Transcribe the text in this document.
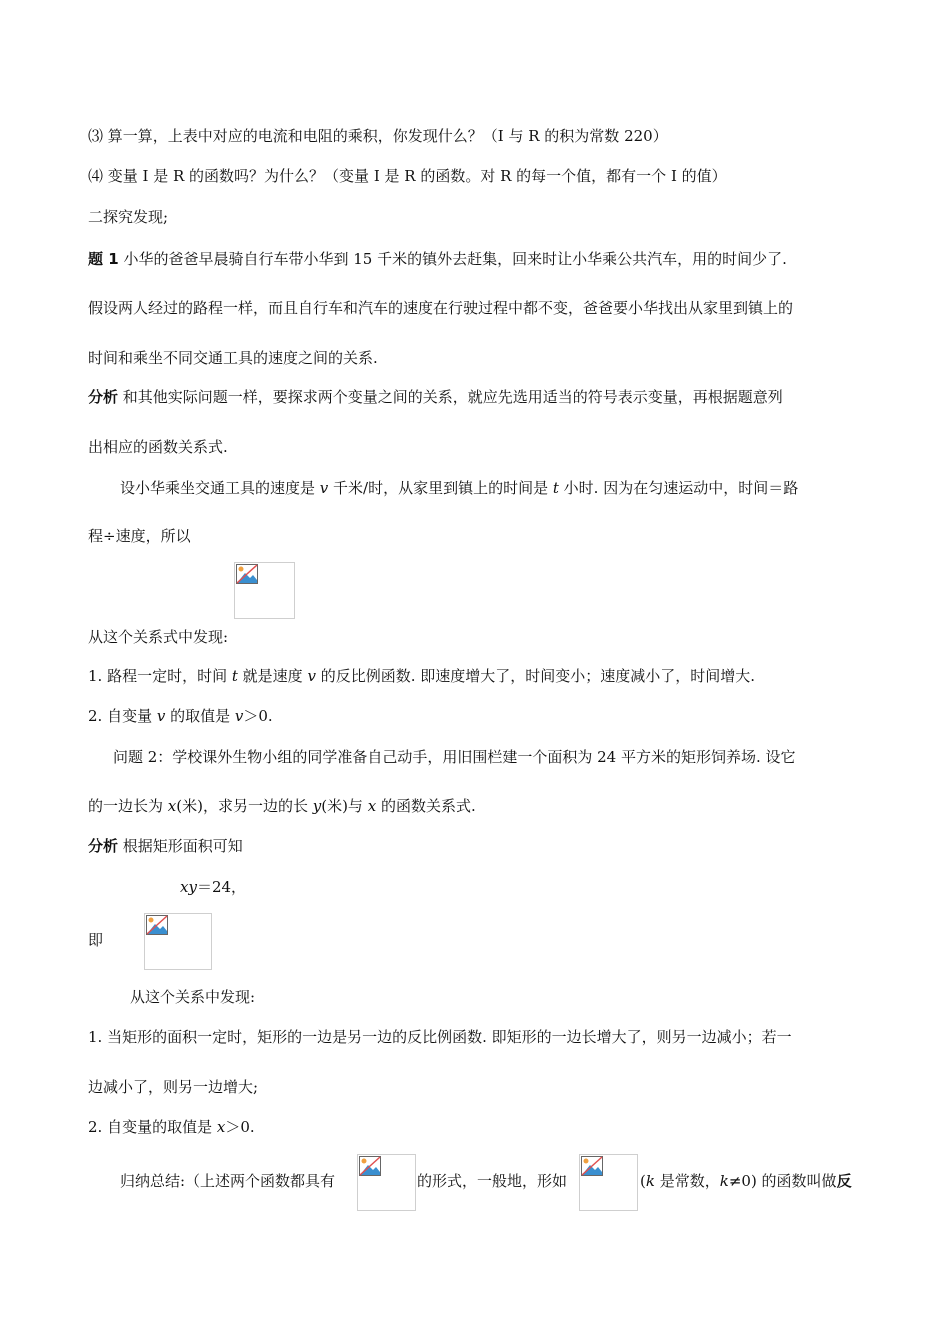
⑶ 算一算，上表中对应的电流和电阻的乘积，你发现什么？（I 与 R 的积为常数 220）
⑷ 变量 I 是 R 的函数吗？为什么？（变量 I 是 R 的函数。对 R 的每一个值，都有一个 I 的值）
二探究发现;
题 1 小华的爸爸早晨骑自行车带小华到 15 千米的镇外去赶集，回来时让小华乘公共汽车，用的时间少了.
假设两人经过的路程一样，而且自行车和汽车的速度在行驶过程中都不变，爸爸要小华找出从家里到镇上的
时间和乘坐不同交通工具的速度之间的关系.
分析 和其他实际问题一样，要探求两个变量之间的关系，就应先选用适当的符号表示变量，再根据题意列
出相应的函数关系式.
设小华乘坐交通工具的速度是 v 千米/时，从家里到镇上的时间是 t 小时. 因为在匀速运动中，时间＝路
程÷速度，所以
从这个关系式中发现:
1. 路程一定时，时间 t 就是速度 v 的反比例函数. 即速度增大了，时间变小；速度减小了，时间增大.
2. 自变量 v 的取值是 v＞0.
问题 2：学校课外生物小组的同学准备自己动手，用旧围栏建一个面积为 24 平方米的矩形饲养场. 设它
的一边长为 x(米)，求另一边的长 y(米)与 x 的函数关系式.
分析 根据矩形面积可知
xy＝24，
即
从这个关系中发现:
1. 当矩形的面积一定时，矩形的一边是另一边的反比例函数. 即矩形的一边长增大了，则另一边减小；若一
边减小了，则另一边增大;
2. 自变量的取值是 x＞0.
归纳总结:（上述两个函数都具有	的形式，一般地，形如	(k 是常数，k≠0) 的函数叫做反
